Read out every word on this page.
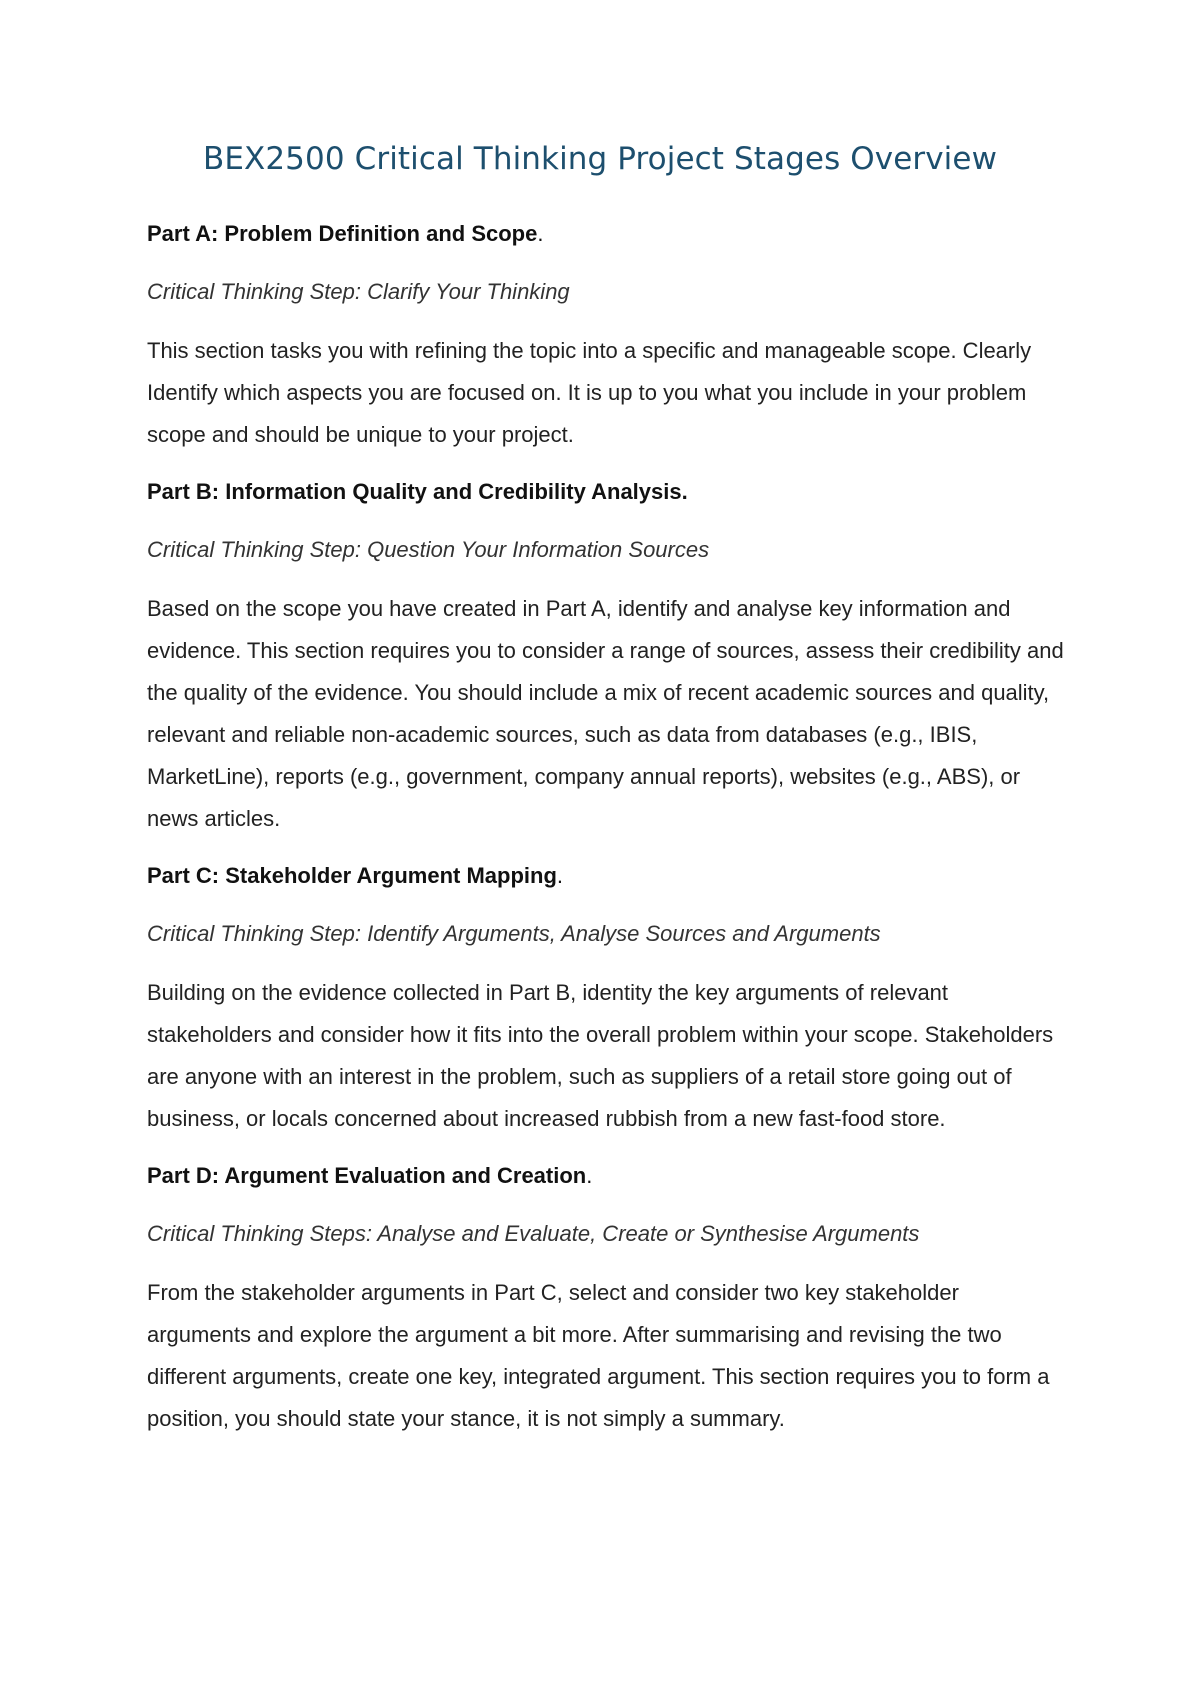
BEX2500 Critical Thinking Project Stages Overview

Part A: Problem Definition and Scope.

Critical Thinking Step: Clarify Your Thinking

This section tasks you with refining the topic into a specific and manageable scope. Clearly Identify which aspects you are focused on. It is up to you what you include in your problem scope and should be unique to your project.

Part B: Information Quality and Credibility Analysis.

Critical Thinking Step: Question Your Information Sources

Based on the scope you have created in Part A, identify and analyse key information and evidence. This section requires you to consider a range of sources, assess their credibility and the quality of the evidence. You should include a mix of recent academic sources and quality, relevant and reliable non-academic sources, such as data from databases (e.g., IBIS, MarketLine), reports (e.g., government, company annual reports), websites (e.g., ABS), or news articles.

Part C: Stakeholder Argument Mapping.

Critical Thinking Step: Identify Arguments, Analyse Sources and Arguments

Building on the evidence collected in Part B, identity the key arguments of relevant stakeholders and consider how it fits into the overall problem within your scope. Stakeholders are anyone with an interest in the problem, such as suppliers of a retail store going out of business, or locals concerned about increased rubbish from a new fast-food store.

Part D: Argument Evaluation and Creation.

Critical Thinking Steps: Analyse and Evaluate, Create or Synthesise Arguments

From the stakeholder arguments in Part C, select and consider two key stakeholder arguments and explore the argument a bit more. After summarising and revising the two different arguments, create one key, integrated argument. This section requires you to form a position, you should state your stance, it is not simply a summary.
